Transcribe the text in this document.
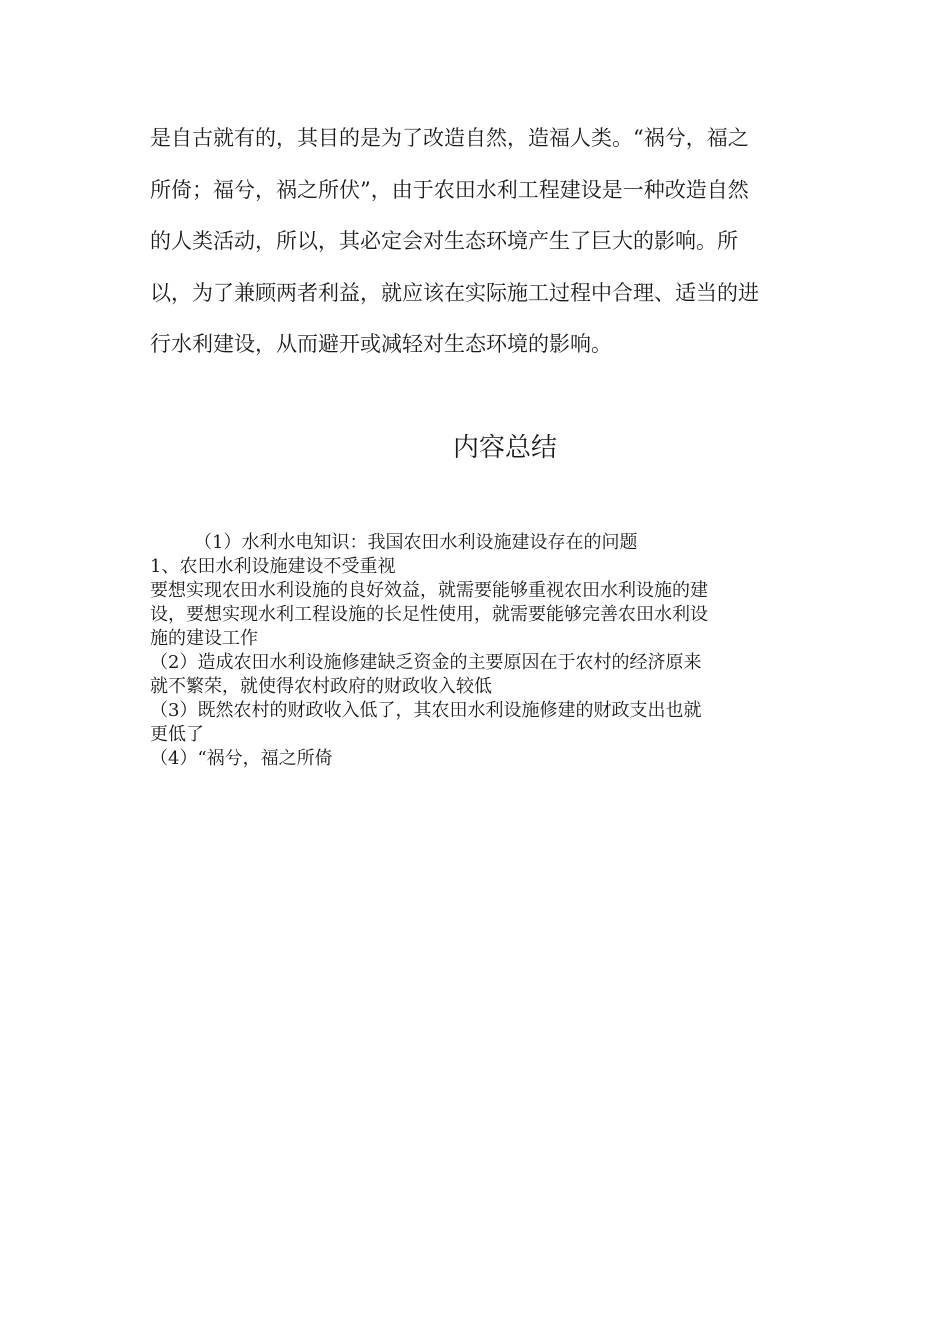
是自古就有的，其目的是为了改造自然，造福人类。“祸兮，福之
所倚；福兮，祸之所伏”，由于农田水利工程建设是一种改造自然
的人类活动，所以，其必定会对生态环境产生了巨大的影响。所
以，为了兼顾两者利益，就应该在实际施工过程中合理、适当的进
行水利建设，从而避开或减轻对生态环境的影响。
内容总结
（1）水利水电知识：我国农田水利设施建设存在的问题
1、农田水利设施建设不受重视
要想实现农田水利设施的良好效益，就需要能够重视农田水利设施的建
设，要想实现水利工程设施的长足性使用，就需要能够完善农田水利设
施的建设工作
（2）造成农田水利设施修建缺乏资金的主要原因在于农村的经济原来
就不繁荣，就使得农村政府的财政收入较低
（3）既然农村的财政收入低了，其农田水利设施修建的财政支出也就
更低了
（4）“祸兮，福之所倚
